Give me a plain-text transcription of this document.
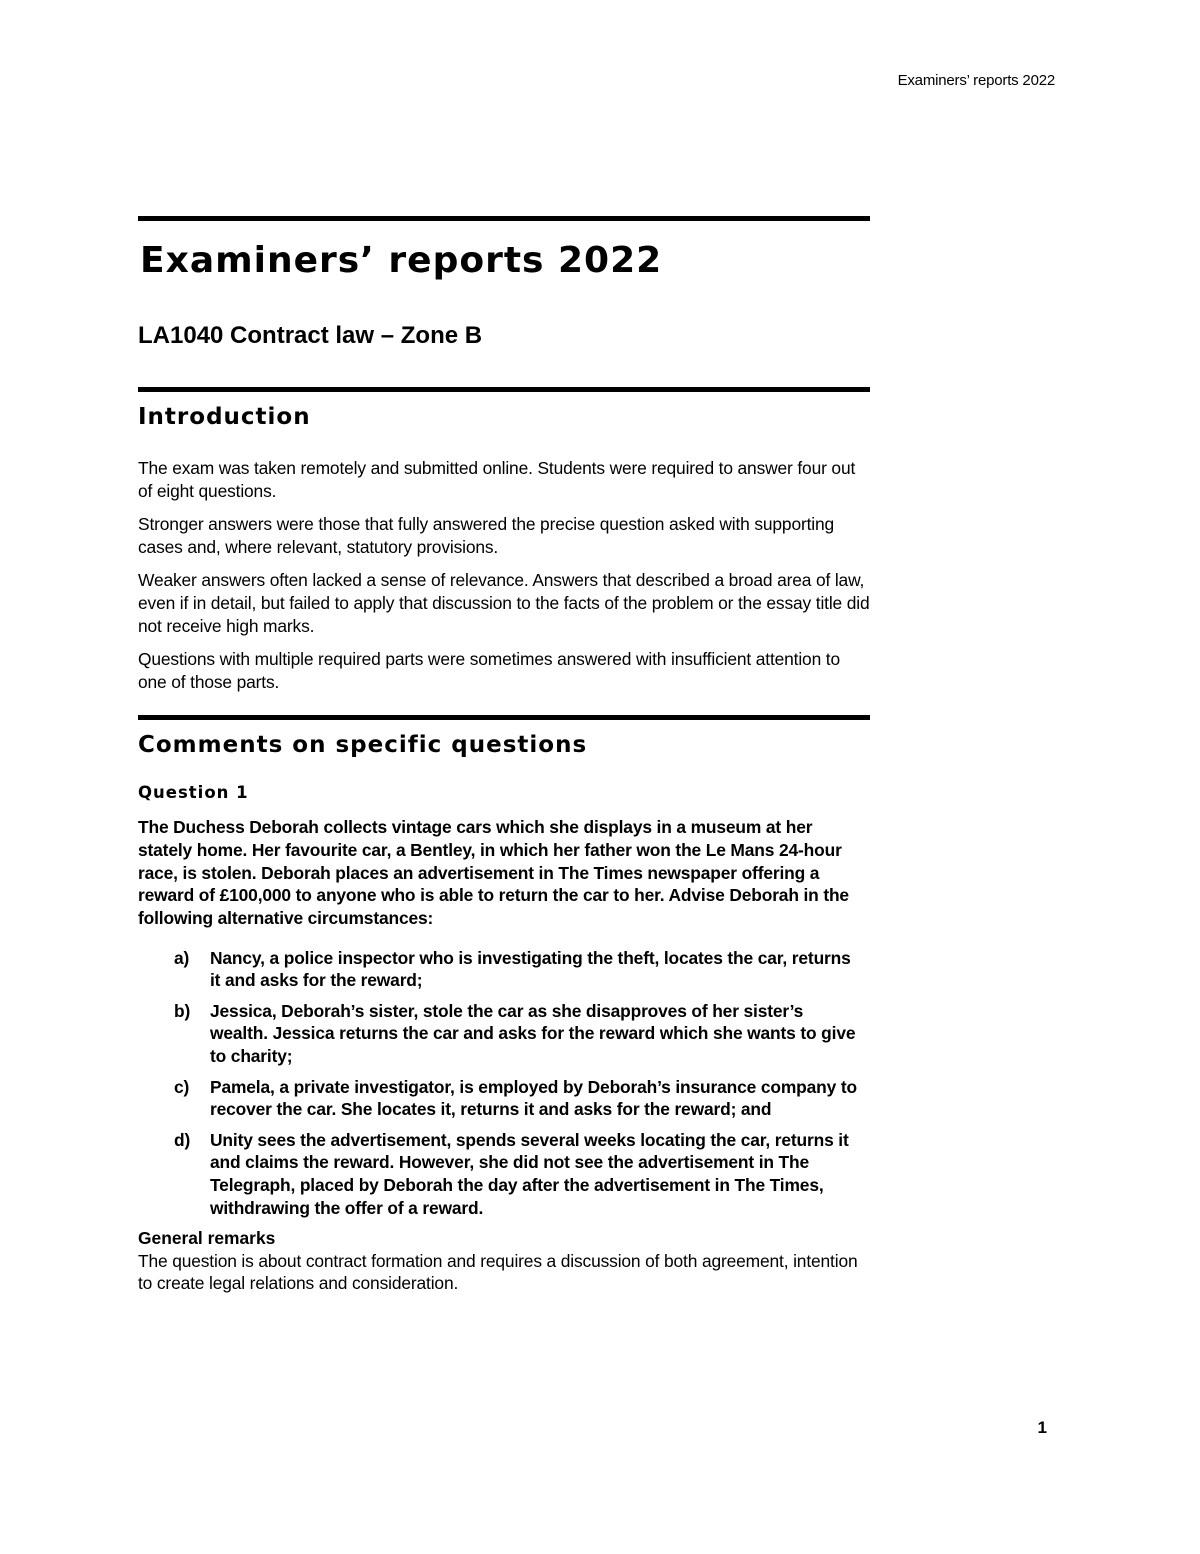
Examiners’ reports 2022
Examiners’ reports 2022
LA1040 Contract law – Zone B
Introduction

The exam was taken remotely and submitted online. Students were required to answer four out of eight questions.

Stronger answers were those that fully answered the precise question asked with supporting cases and, where relevant, statutory provisions.

Weaker answers often lacked a sense of relevance. Answers that described a broad area of law, even if in detail, but failed to apply that discussion to the facts of the problem or the essay title did not receive high marks.

Questions with multiple required parts were sometimes answered with insufficient attention to one of those parts.

Comments on specific questions
Question 1

The Duchess Deborah collects vintage cars which she displays in a museum at her stately home. Her favourite car, a Bentley, in which her father won the Le Mans 24-hour race, is stolen. Deborah places an advertisement in The Times newspaper offering a reward of £100,000 to anyone who is able to return the car to her. Advise Deborah in the following alternative circumstances:

a)	Nancy, a police inspector who is investigating the theft, locates the car, returns it and asks for the reward;
b)	Jessica, Deborah’s sister, stole the car as she disapproves of her sister’s wealth. Jessica returns the car and asks for the reward which she wants to give to charity;
c)	Pamela, a private investigator, is employed by Deborah’s insurance company to recover the car. She locates it, returns it and asks for the reward; and
d)	Unity sees the advertisement, spends several weeks locating the car, returns it and claims the reward. However, she did not see the advertisement in The Telegraph, placed by Deborah the day after the advertisement in The Times, withdrawing the offer of a reward.
General remarks

The question is about contract formation and requires a discussion of both agreement, intention to create legal relations and consideration.

1
